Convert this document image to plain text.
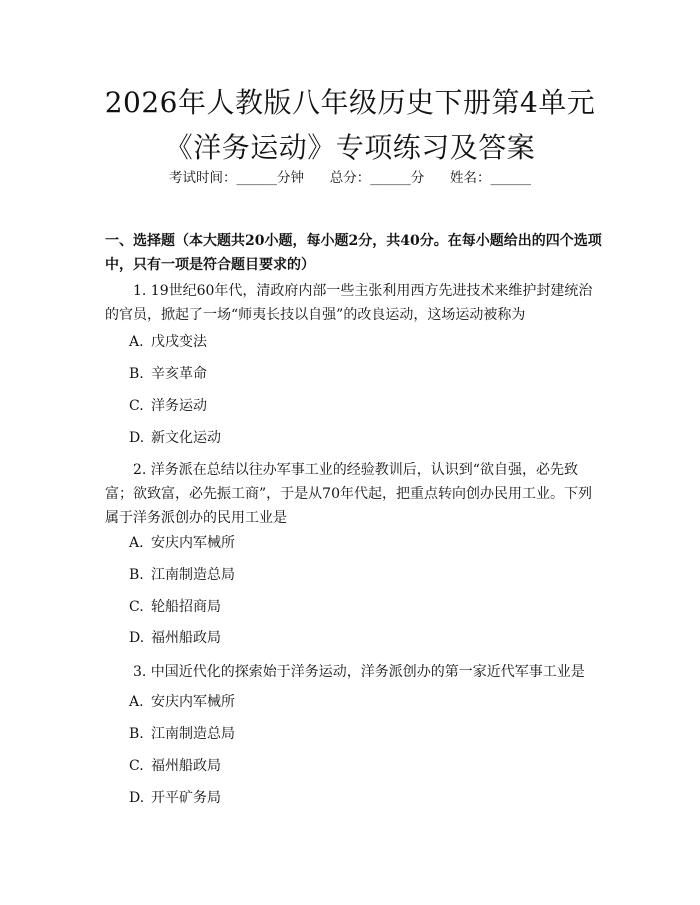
2026年人教版八年级历史下册第4单元《洋务运动》专项练习及答案
考试时间：______分钟      总分：______分      姓名：______
一、选择题（本大题共20小题，每小题2分，共40分。在每小题给出的四个选项中，只有一项是符合题目要求的）
1. 19世纪60年代，清政府内部一些主张利用西方先进技术来维护封建统治的官员，掀起了一场“师夷长技以自强”的改良运动，这场运动被称为
A. 戊戌变法
B. 辛亥革命
C. 洋务运动
D. 新文化运动
2. 洋务派在总结以往办军事工业的经验教训后，认识到“欲自强，必先致富；欲致富，必先振工商”，于是从70年代起，把重点转向创办民用工业。下列属于洋务派创办的民用工业是
A. 安庆内军械所
B. 江南制造总局
C. 轮船招商局
D. 福州船政局
3. 中国近代化的探索始于洋务运动，洋务派创办的第一家近代军事工业是
A. 安庆内军械所
B. 江南制造总局
C. 福州船政局
D. 开平矿务局
